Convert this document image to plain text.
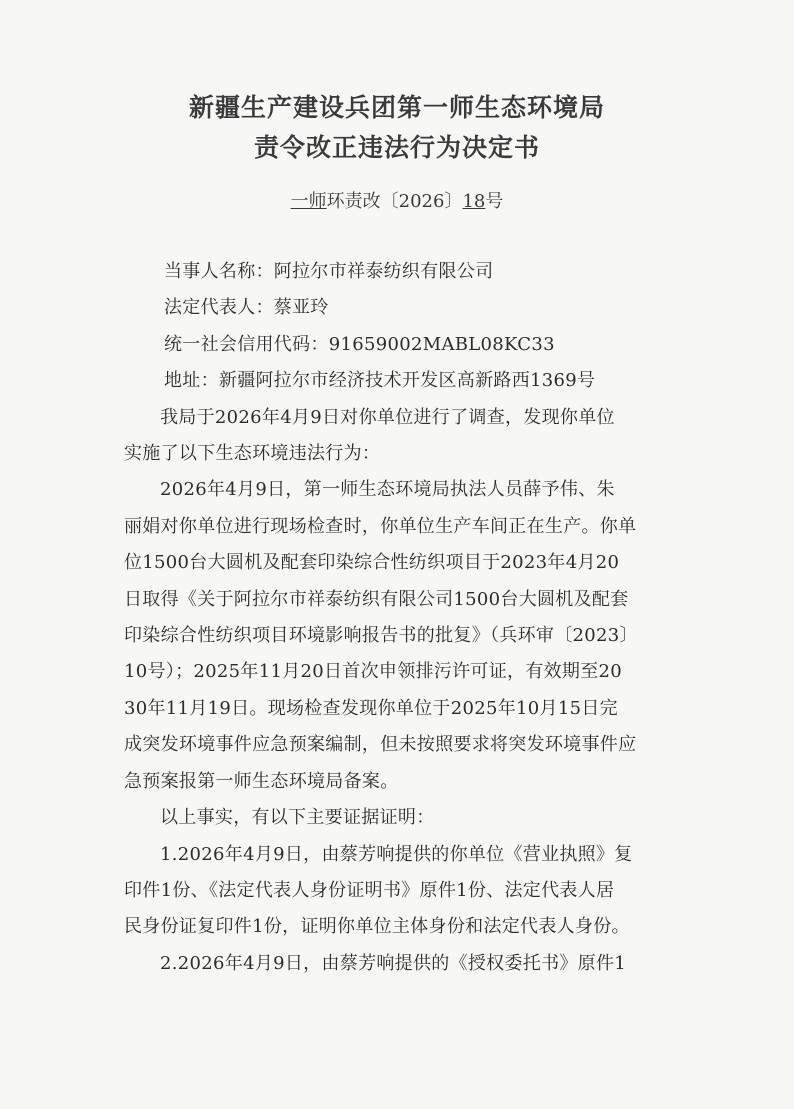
新疆生产建设兵团第一师生态环境局
责令改正违法行为决定书
一师环责改〔2026〕18号
当事人名称：阿拉尔市祥泰纺织有限公司
法定代表人：蔡亚玲
统一社会信用代码：91659002MABL08KC33
地址：新疆阿拉尔市经济技术开发区高新路西1369号
我局于2026年4月9日对你单位进行了调查，发现你单位
实施了以下生态环境违法行为：
2026年4月9日，第一师生态环境局执法人员薛予伟、朱
丽娟对你单位进行现场检查时，你单位生产车间正在生产。你单
位1500台大圆机及配套印染综合性纺织项目于2023年4月20
日取得《关于阿拉尔市祥泰纺织有限公司1500台大圆机及配套
印染综合性纺织项目环境影响报告书的批复》（兵环审〔2023〕
10号）；2025年11月20日首次申领排污许可证，有效期至20
30年11月19日。现场检查发现你单位于2025年10月15日完
成突发环境事件应急预案编制，但未按照要求将突发环境事件应
急预案报第一师生态环境局备案。
以上事实，有以下主要证据证明：
1.2026年4月9日，由蔡芳响提供的你单位《营业执照》复
印件1份、《法定代表人身份证明书》原件1份、法定代表人居
民身份证复印件1份，证明你单位主体身份和法定代表人身份。
2.2026年4月9日，由蔡芳响提供的《授权委托书》原件1
